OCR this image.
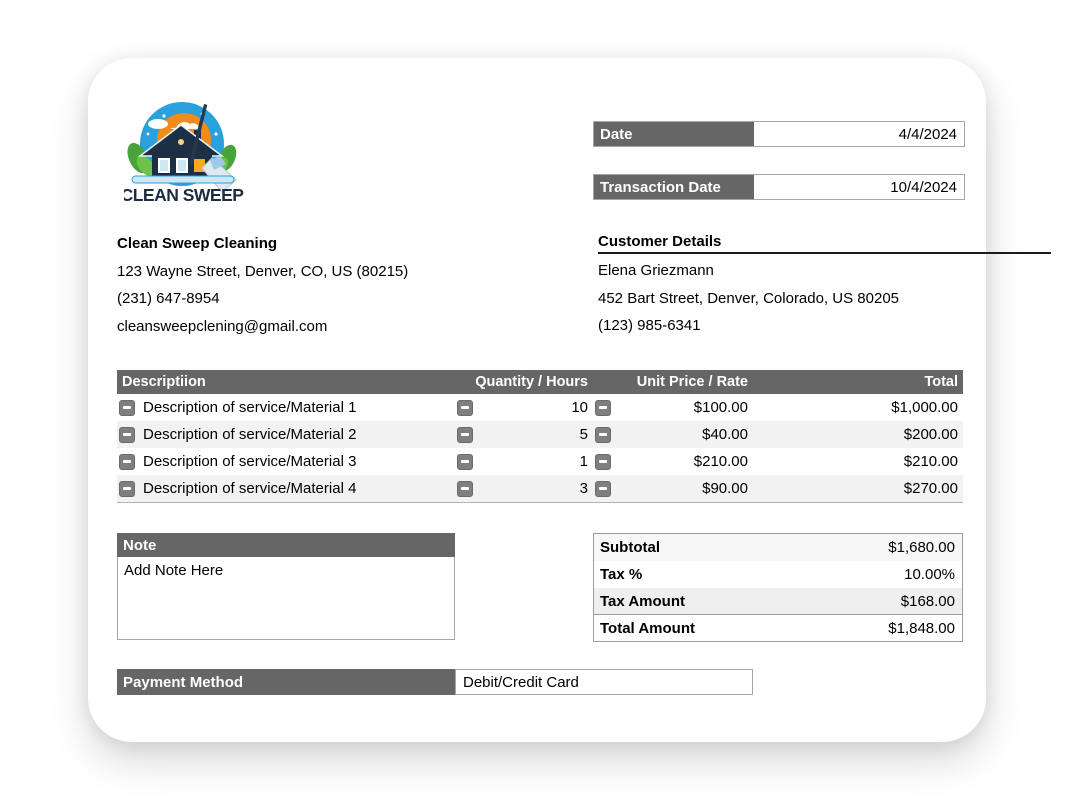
CLEAN SWEEP
Date	4/4/2024
Transaction Date	10/4/2024
Clean Sweep Cleaning
123 Wayne Street, Denver, CO, US (80215)
(231) 647-8954
cleansweepclening@gmail.com
Customer Details
Elena Griezmann
452 Bart Street, Denver, Colorado, US 80205
(123) 985-6341
Descriptiion	Quantity / Hours	Unit Price / Rate	Total
Description of service/Material 1	10	$100.00	$1,000.00
Description of service/Material 2	5	$40.00	$200.00
Description of service/Material 3	1	$210.00	$210.00
Description of service/Material 4	3	$90.00	$270.00
Note
Add Note Here
Subtotal	$1,680.00
Tax %	10.00%
Tax Amount	$168.00
Total Amount	$1,848.00
Payment Method	Debit/Credit Card
